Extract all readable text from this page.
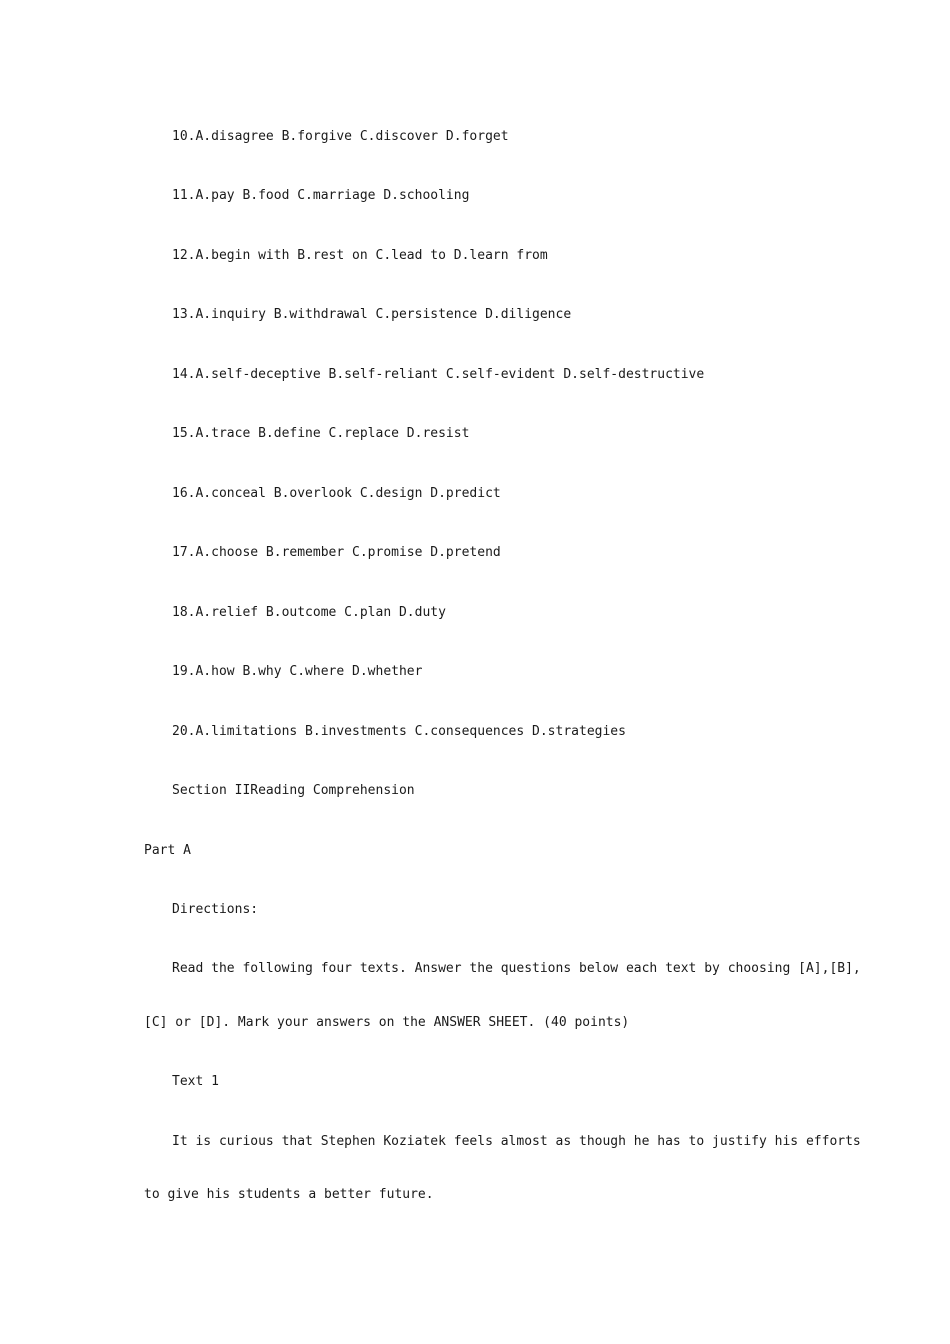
10.A.disagree B.forgive C.discover D.forget

11.A.pay B.food C.marriage D.schooling

12.A.begin with B.rest on C.lead to D.learn from

13.A.inquiry B.withdrawal C.persistence D.diligence

14.A.self-deceptive B.self-reliant C.self-evident D.self-destructive

15.A.trace B.define C.replace D.resist

16.A.conceal B.overlook C.design D.predict

17.A.choose B.remember C.promise D.pretend

18.A.relief B.outcome C.plan D.duty

19.A.how B.why C.where D.whether

20.A.limitations B.investments C.consequences D.strategies

Section IIReading Comprehension

Part A

Directions:

Read the following four texts. Answer the questions below each text by choosing [A],[B],

[C] or [D]. Mark your answers on the ANSWER SHEET. (40 points)

Text 1

It is curious that Stephen Koziatek feels almost as though he has to justify his efforts

to give his students a better future.
